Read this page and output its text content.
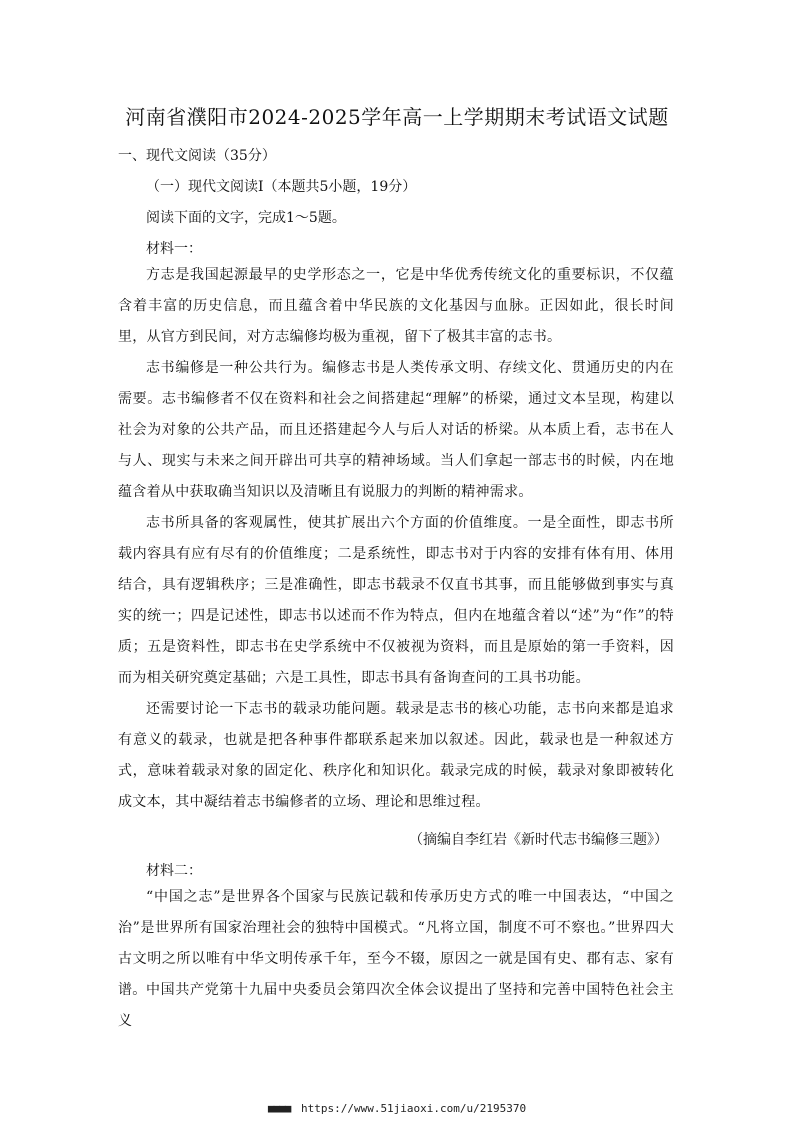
河南省濮阳市2024-2025学年高一上学期期末考试语文试题
一、现代文阅读（35分）
（一）现代文阅读Ⅰ（本题共5小题，19分）
阅读下面的文字，完成1～5题。
材料一：
方志是我国起源最早的史学形态之一，它是中华优秀传统文化的重要标识，不仅蕴含着丰富的历史信息，而且蕴含着中华民族的文化基因与血脉。正因如此，很长时间里，从官方到民间，对方志编修均极为重视，留下了极其丰富的志书。
志书编修是一种公共行为。编修志书是人类传承文明、存续文化、贯通历史的内在需要。志书编修者不仅在资料和社会之间搭建起“理解”的桥梁，通过文本呈现，构建以社会为对象的公共产品，而且还搭建起今人与后人对话的桥梁。从本质上看，志书在人与人、现实与未来之间开辟出可共享的精神场域。当人们拿起一部志书的时候，内在地蕴含着从中获取确当知识以及清晰且有说服力的判断的精神需求。
志书所具备的客观属性，使其扩展出六个方面的价值维度。一是全面性，即志书所载内容具有应有尽有的价值维度；二是系统性，即志书对于内容的安排有体有用、体用结合，具有逻辑秩序；三是准确性，即志书载录不仅直书其事，而且能够做到事实与真实的统一；四是记述性，即志书以述而不作为特点，但内在地蕴含着以“述”为“作”的特质；五是资料性，即志书在史学系统中不仅被视为资料，而且是原始的第一手资料，因而为相关研究奠定基础；六是工具性，即志书具有备询查问的工具书功能。
还需要讨论一下志书的载录功能问题。载录是志书的核心功能，志书向来都是追求有意义的载录，也就是把各种事件都联系起来加以叙述。因此，载录也是一种叙述方式，意味着载录对象的固定化、秩序化和知识化。载录完成的时候，载录对象即被转化成文本，其中凝结着志书编修者的立场、理论和思维过程。
（摘编自李红岩《新时代志书编修三题》）
材料二：
“中国之志”是世界各个国家与民族记载和传承历史方式的唯一中国表达，“中国之治”是世界所有国家治理社会的独特中国模式。“凡将立国，制度不可不察也。”世界四大古文明之所以唯有中华文明传承千年，至今不辍，原因之一就是国有史、郡有志、家有谱。 中国共产党第十九届中央委员会第四次全体会议提出了坚持和完善中国特色社会主义
■■■■ https://www.51jiaoxi.com/u/2195370
